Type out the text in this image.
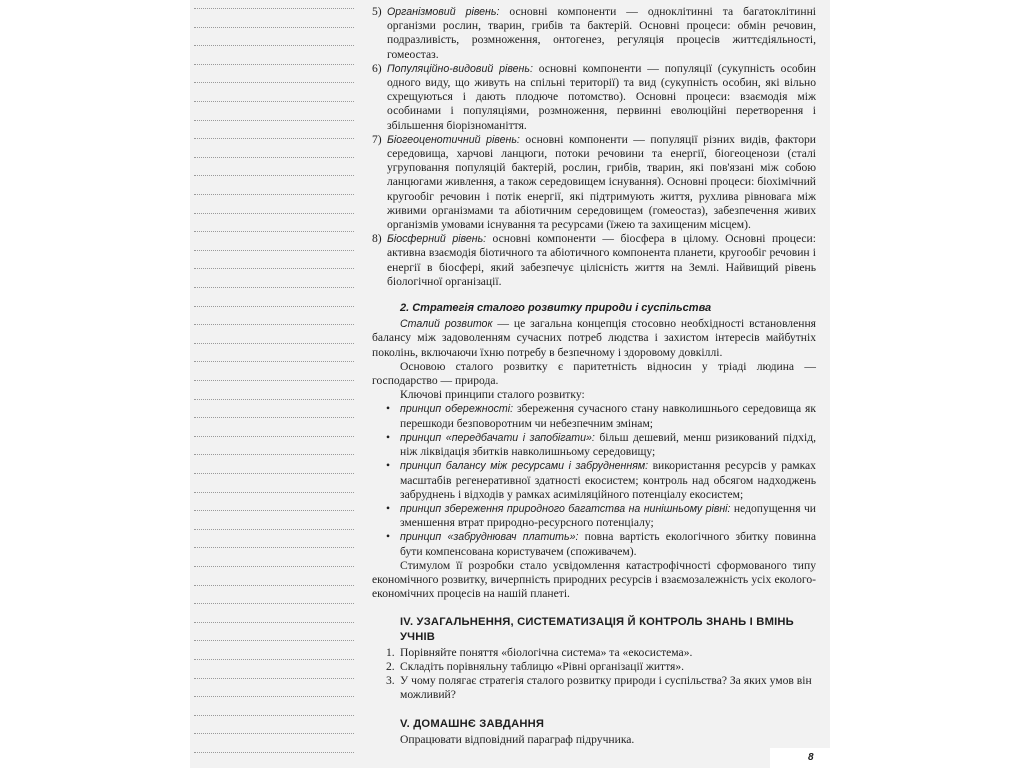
5) Організмовий рівень: основні компоненти — одноклітинні та багатоклітинні організми рослин, тварин, грибів та бактерій. Основні процеси: обмін речовин, подразливість, розмноження, онтогенез, регуляція процесів життєдіяльності, гомеостаз.

6) Популяційно-видовий рівень: основні компоненти — популяції (сукупність особин одного виду, що живуть на спільні території) та вид (сукупність особин, які вільно схрещуються і дають плодюче потомство). Основні процеси: взаємодія між особинами і популяціями, розмноження, первинні еволюційні перетворення і збільшення біорізноманіття.

7) Біогеоценотичний рівень: основні компоненти — популяції різних видів, фактори середовища, харчові ланцюги, потоки речовини та енергії, біогеоценози (сталі угруповання популяцій бактерій, рослин, грибів, тварин, які пов'язані між собою ланцюгами живлення, а також середовищем існування). Основні процеси: біохімічний кругообіг речовин і потік енергії, які підтримують життя, рухлива рівновага між живими організмами та абіотичним середовищем (гомеостаз), забезпечення живих організмів умовами існування та ресурсами (їжею та захищеним місцем).

8) Біосферний рівень: основні компоненти — біосфера в цілому. Основні процеси: активна взаємодія біотичного та абіотичного компонента планети, кругообіг речовин і енергії в біосфері, який забезпечує цілісність життя на Землі. Найвищий рівень біологічної організації.

2. Стратегія сталого розвитку природи і суспільства

Сталий розвиток — це загальна концепція стосовно необхідності встановлення балансу між задоволенням сучасних потреб людства і захистом інтересів майбутніх поколінь, включаючи їхню потребу в безпечному і здоровому довкіллі.

Основою сталого розвитку є паритетність відносин у тріаді людина — господарство — природа.

Ключові принципи сталого розвитку:

• принцип обережності: збереження сучасного стану навколишнього середовища як перешкоди безповоротним чи небезпечним змінам;
• принцип «передбачати і запобігати»: більш дешевий, менш ризикований підхід, ніж ліквідація збитків навколишньому середовищу;
• принцип балансу між ресурсами і забрудненням: використання ресурсів у рамках масштабів регенеративної здатності екосистем; контроль над обсягом надходжень забруднень і відходів у рамках асиміляційного потенціалу екосистем;
• принцип збереження природного багатства на нинішньому рівні: недопущення чи зменшення втрат природно-ресурсного потенціалу;
• принцип «забруднювач платить»: повна вартість екологічного збитку повинна бути компенсована користувачем (споживачем).

Стимулом її розробки стало усвідомлення катастрофічності сформованого типу економічного розвитку, вичерпність природних ресурсів і взаємозалежність усіх еколого-економічних процесів на нашій планеті.

IV. УЗАГАЛЬНЕННЯ, СИСТЕМАТИЗАЦІЯ Й КОНТРОЛЬ ЗНАНЬ І ВМІНЬ УЧНІВ

1. Порівняйте поняття «біологічна система» та «екосистема».

2. Складіть порівняльну таблицю «Рівні організації життя».

3. У чому полягає стратегія сталого розвитку природи і суспільства? За яких умов він можливий?

V. ДОМАШНЄ ЗАВДАННЯ

Опрацювати відповідний параграф підручника.

8
